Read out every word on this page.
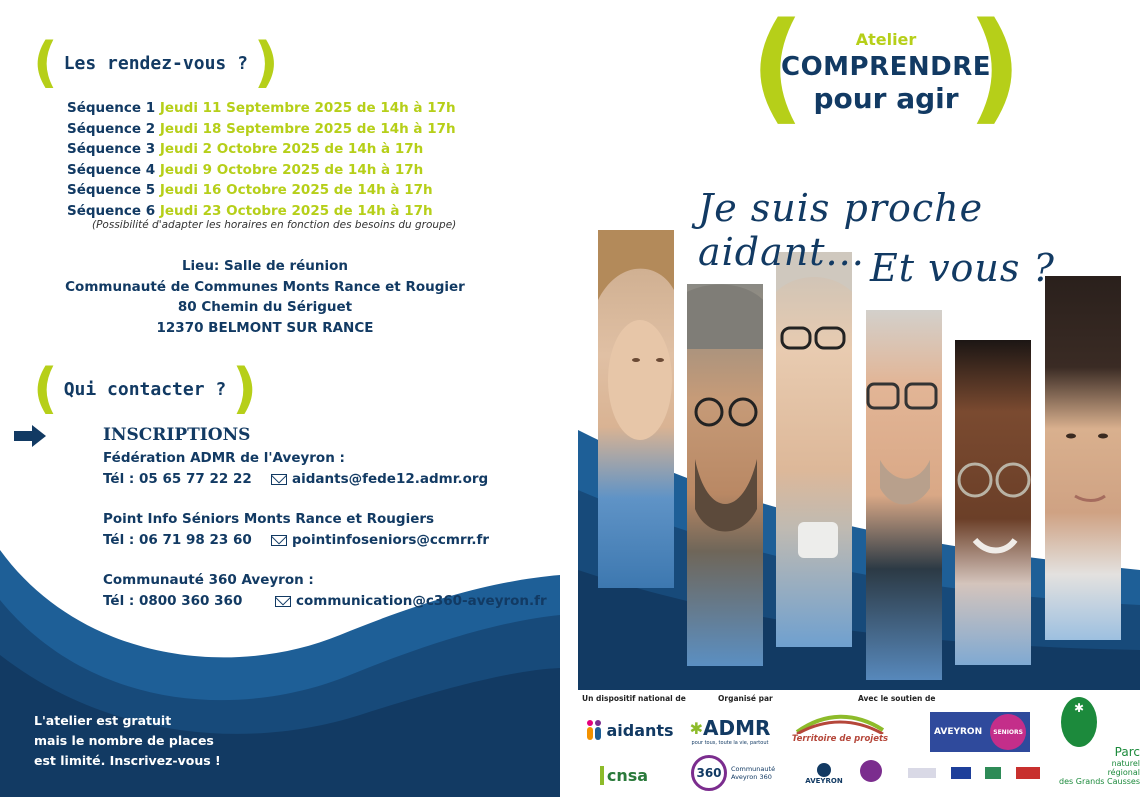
( Les rendez-vous ? )
Séquence 1 Jeudi 11 Septembre 2025 de 14h à 17h
Séquence 2 Jeudi 18 Septembre 2025 de 14h à 17h
Séquence 3 Jeudi 2 Octobre 2025 de 14h à 17h
Séquence 4 Jeudi 9 Octobre 2025 de 14h à 17h
Séquence 5 Jeudi 16 Octobre 2025 de 14h à 17h
Séquence 6 Jeudi 23 Octobre 2025 de 14h à 17h
(Possibilité d'adapter les horaires en fonction des besoins du groupe)
Lieu: Salle de réunion
Communauté de Communes Monts Rance et Rougier
80 Chemin du Sériguet
12370 BELMONT SUR RANCE
( Qui contacter ? )
INSCRIPTIONS
Fédération ADMR de l'Aveyron :
Tél : 05 65 77 22 22	aidants@fede12.admr.org
Point Info Séniors Monts Rance et Rougiers
Tél : 06 71 98 23 60	pointinfoseniors@ccmrr.fr
Communauté 360 Aveyron :
Tél : 0800 360 360	communication@c360-aveyron.fr
L'atelier est gratuit
mais le nombre de places
est limité. Inscrivez-vous !
( )
Atelier
COMPRENDRE
pour agir
Je suis proche aidant... Et vous ?
Un dispositif national de	Organisé par	Avec le soutien de
aidants ✱ ADMR
pour tous, toute la vie, partout	Territoire de projets
AVEYRON	SENIORS
✱
Parc
naturel
régional
des Grands Causses
cnsa	360	Communauté Aveyron 360	AVEYRON
